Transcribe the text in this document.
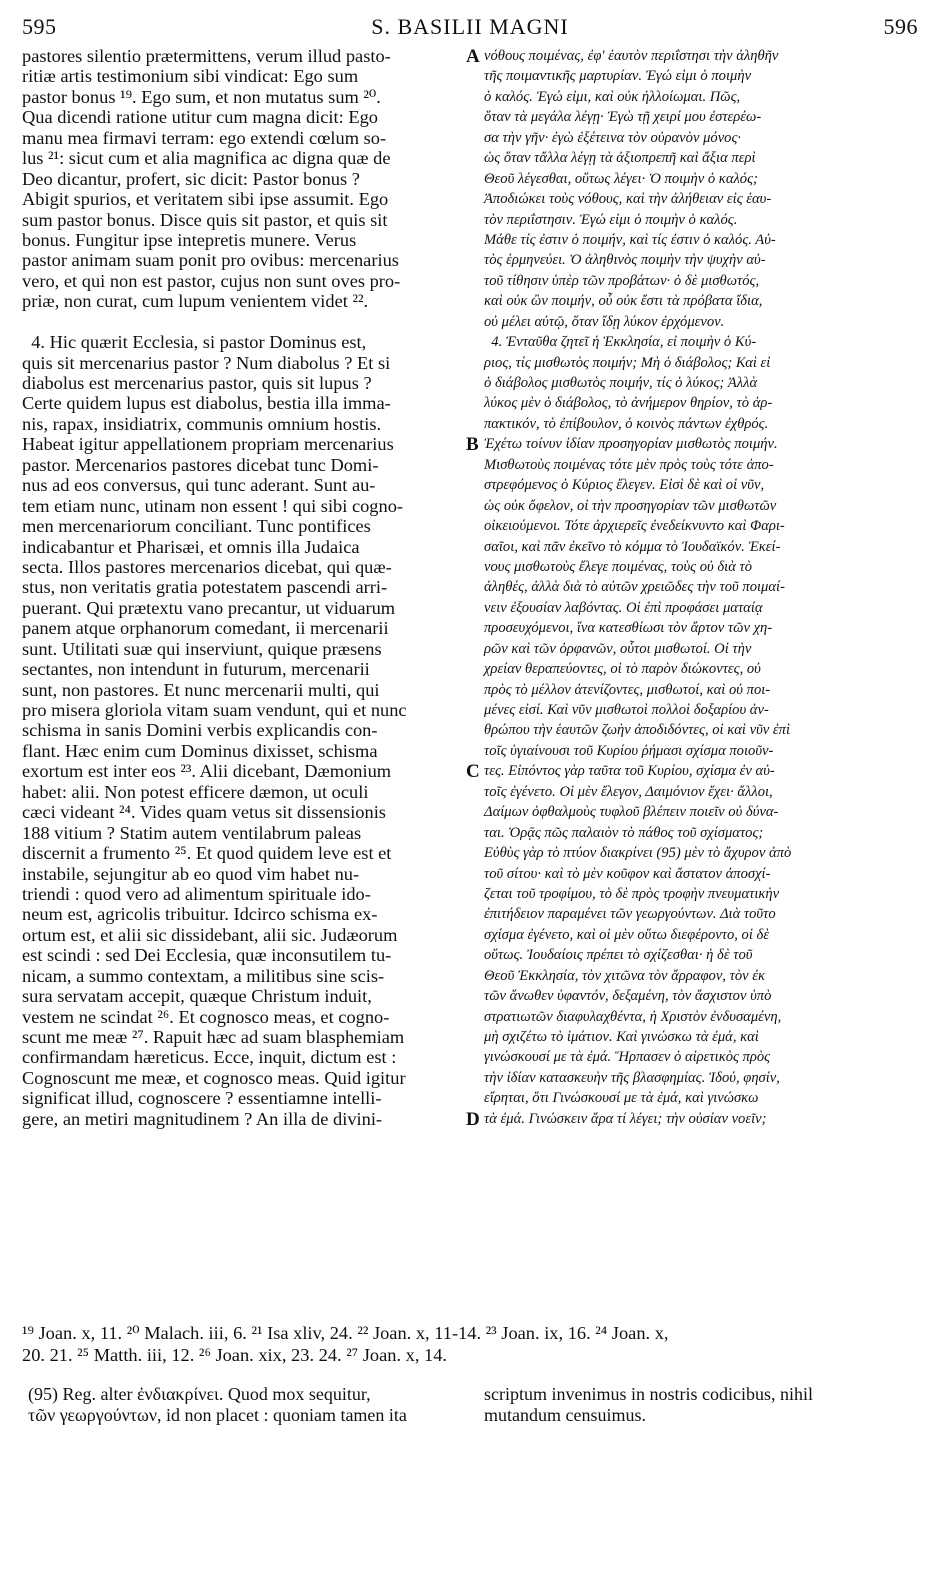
S. BASILII MAGNI
595	596
pastores silentio prætermittens, verum illud pasto-
ritiæ artis testimonium sibi vindicat: Ego sum
pastor bonus ¹⁹. Ego sum, et non mutatus sum ²⁰.
Qua dicendi ratione utitur cum magna dicit: Ego
manu mea firmavi terram: ego extendi cœlum so-
lus ²¹: sicut cum et alia magnifica ac digna quæ de
Deo dicantur, profert, sic dicit: Pastor bonus ?
Abigit spurios, et veritatem sibi ipse assumit. Ego
sum pastor bonus. Disce quis sit pastor, et quis sit
bonus. Fungitur ipse intepretis munere. Verus
pastor animam suam ponit pro ovibus: mercenarius
vero, et qui non est pastor, cujus non sunt oves pro-
priæ, non curat, cum lupum venientem videt ²².
4. Hic quærit Ecclesia, si pastor Dominus est,
quis sit mercenarius pastor ? Num diabolus ? Et si
diabolus est mercenarius pastor, quis sit lupus ?
Certe quidem lupus est diabolus, bestia illa imma-
nis, rapax, insidiatrix, communis omnium hostis.
Habeat igitur appellationem propriam mercenarius
pastor. Mercenarios pastores dicebat tunc Domi-
nus ad eos conversus, qui tunc aderant. Sunt au-
tem etiam nunc, utinam non essent ! qui sibi cogno-
men mercenariorum conciliant. Tunc pontifices
indicabantur et Pharisæi, et omnis illa Judaica
secta. Illos pastores mercenarios dicebat, qui quæ-
stus, non veritatis gratia potestatem pascendi arri-
puerant. Qui prætextu vano precantur, ut viduarum
panem atque orphanorum comedant, ii mercenarii
sunt. Utilitati suæ qui inserviunt, quique præsens
sectantes, non intendunt in futurum, mercenarii
sunt, non pastores. Et nunc mercenarii multi, qui
pro misera gloriola vitam suam vendunt, qui et nunc
schisma in sanis Domini verbis explicandis con-
flant. Hæc enim cum Dominus dixisset, schisma
exortum est inter eos ²³. Alii dicebant, Dæmonium
habet: alii. Non potest efficere dæmon, ut oculi
cæci videant ²⁴. Vides quam vetus sit dissensionis
188 vitium ? Statim autem ventilabrum paleas
discernit a frumento ²⁵. Et quod quidem leve est et
instabile, sejungitur ab eo quod vim habet nu-
triendi : quod vero ad alimentum spirituale ido-
neum est, agricolis tribuitur. Idcirco schisma ex-
ortum est, et alii sic dissidebant, alii sic. Judæorum
est scindi : sed Dei Ecclesia, quæ inconsutilem tu-
nicam, a summo contextam, a militibus sine scis-
sura servatam accepit, quæque Christum induit,
vestem ne scindat ²⁶. Et cognosco meas, et cogno-
scunt me meæ ²⁷. Rapuit hæc ad suam blasphemiam
confirmandam hæreticus. Ecce, inquit, dictum est :
Cognoscunt me meæ, et cognosco meas. Quid igitur
significat illud, cognoscere ? essentiamne intelli-
gere, an metiri magnitudinem ? An illa de divini-
νόθους ποιμένας, ἐφ' ἑαυτὸν περιΐστησι τὴν ἀληθῆν
τῆς ποιμαντικῆς μαρτυρίαν. Ἐγώ εἰμι ὁ ποιμὴν
ὁ καλός. Ἐγώ εἰμι, καὶ οὐκ ἠλλοίωμαι. Πῶς,
ὅταν τὰ μεγάλα λέγῃ· Ἐγὼ τῇ χειρί μου ἐστερέω-
σα τὴν γῆν· ἐγὼ ἐξέτεινα τὸν οὐρανὸν μόνος·
ὡς ὅταν τἄλλα λέγῃ τὰ ἀξιοπρεπῆ καὶ ἄξια περὶ
Θεοῦ λέγεσθαι, οὕτως λέγει· Ὁ ποιμὴν ὁ καλός;
Ἀποδιώκει τοὺς νόθους, καὶ τὴν ἀλήθειαν εἰς ἑαυ-
τὸν περιΐστησιν. Ἐγώ εἰμι ὁ ποιμὴν ὁ καλός.
Μάθε τίς ἐστιν ὁ ποιμήν, καὶ τίς ἐστιν ὁ καλός. Αὐ-
τὸς ἑρμηνεύει. Ὁ ἀληθινὸς ποιμὴν τὴν ψυχὴν αὐ-
τοῦ τίθησιν ὑπὲρ τῶν προβάτων· ὁ δὲ μισθωτός,
καὶ οὐκ ὢν ποιμήν, οὗ οὐκ ἔστι τὰ πρόβατα ἴδια,
οὐ μέλει αὐτῷ, ὅταν ἴδῃ λύκον ἐρχόμενον.
4. Ἐνταῦθα ζητεῖ ἡ Ἐκκλησία, εἰ ποιμὴν ὁ Κύ-
ριος, τίς μισθωτὸς ποιμήν; Μὴ ὁ διάβολος; Καὶ εἰ
ὁ διάβολος μισθωτὸς ποιμήν, τίς ὁ λύκος; Ἀλλὰ
λύκος μὲν ὁ διάβολος, τὸ ἀνήμερον θηρίον, τὸ ἀρ-
πακτικόν, τὸ ἐπίβουλον, ὁ κοινὸς πάντων ἐχθρός.
Ἐχέτω τοίνυν ἰδίαν προσηγορίαν μισθωτὸς ποιμήν.
Μισθωτοὺς ποιμένας τότε μὲν πρὸς τοὺς τότε ἀπο-
στρεφόμενος ὁ Κύριος ἔλεγεν. Εἰσὶ δὲ καὶ οἱ νῦν,
ὡς οὐκ ὄφελον, οἱ τὴν προσηγορίαν τῶν μισθωτῶν
οἰκειούμενοι. Τότε ἀρχιερεῖς ἐνεδείκνυντο καὶ Φαρι-
σαῖοι, καὶ πᾶν ἐκεῖνο τὸ κόμμα τὸ Ἰουδαϊκόν. Ἐκεί-
νους μισθωτοὺς ἔλεγε ποιμένας, τοὺς οὐ διὰ τὸ
ἀληθές, ἀλλὰ διὰ τὸ αὐτῶν χρειῶδες τὴν τοῦ ποιμαί-
νειν ἐξουσίαν λαβόντας. Οἱ ἐπὶ προφάσει ματαίᾳ
προσευχόμενοι, ἵνα κατεσθίωσι τὸν ἄρτον τῶν χη-
ρῶν καὶ τῶν ὀρφανῶν, οὗτοι μισθωτοί. Οἱ τὴν
χρείαν θεραπεύοντες, οἱ τὸ παρὸν διώκοντες, οὐ
πρὸς τὸ μέλλον ἀτενίζοντες, μισθωτοί, καὶ οὐ ποι-
μένες εἰσί. Καὶ νῦν μισθωτοὶ πολλοὶ δοξαρίου ἀν-
θρώπου τὴν ἑαυτῶν ζωὴν ἀποδιδόντες, οἱ καὶ νῦν ἐπὶ
τοῖς ὑγιαίνουσι τοῦ Κυρίου ῥήμασι σχίσμα ποιοῦν-
τες. Εἰπόντος γὰρ ταῦτα τοῦ Κυρίου, σχίσμα ἐν αὐ-
τοῖς ἐγένετο. Οἱ μὲν ἔλεγον, Δαιμόνιον ἔχει· ἄλλοι,
Δαίμων ὀφθαλμοὺς τυφλοῦ βλέπειν ποιεῖν οὐ δύνα-
ται. Ὁρᾷς πῶς παλαιὸν τὸ πάθος τοῦ σχίσματος;
Εὐθὺς γὰρ τὸ πτύον διακρίνει (95) μὲν τὸ ἄχυρον ἀπὸ
τοῦ σίτου· καὶ τὸ μὲν κοῦφον καὶ ἄστατον ἀποσχί-
ζεται τοῦ τροφίμου, τὸ δὲ πρὸς τροφὴν πνευματικὴν
ἐπιτήδειον παραμένει τῶν γεωργούντων. Διὰ τοῦτο
σχίσμα ἐγένετο, καὶ οἱ μὲν οὕτω διεφέροντο, οἱ δὲ
οὕτως. Ἰουδαίοις πρέπει τὸ σχίζεσθαι· ἡ δὲ τοῦ
Θεοῦ Ἐκκλησία, τὸν χιτῶνα τὸν ἄρραφον, τὸν ἐκ
τῶν ἄνωθεν ὑφαντόν, δεξαμένη, τὸν ἄσχιστον ὑπὸ
στρατιωτῶν διαφυλαχθέντα, ἡ Χριστὸν ἐνδυσαμένη,
μὴ σχιζέτω τὸ ἱμάτιον. Καὶ γινώσκω τὰ ἐμά, καὶ
γινώσκουσί με τὰ ἐμά. Ἥρπασεν ὁ αἱρετικὸς πρὸς
τὴν ἰδίαν κατασκευὴν τῆς βλασφημίας. Ἰδού, φησίν,
εἴρηται, ὅτι Γινώσκουσί με τὰ ἐμά, καὶ γινώσκω
τὰ ἐμά. Γινώσκειν ἄρα τί λέγει; τὴν οὐσίαν νοεῖν;
A
B
C
D
¹⁹ Joan. x, 11. ²⁰ Malach. iii, 6. ²¹ Isa xliv, 24. ²² Joan. x, 11-14. ²³ Joan. ix, 16. ²⁴ Joan. x,
20. 21. ²⁵ Matth. iii, 12. ²⁶ Joan. xix, 23. 24. ²⁷ Joan. x, 14.
(95) Reg. alter ἐνδιακρίνει. Quod mox sequitur,
τῶν γεωργούντων, id non placet : quoniam tamen ita
scriptum invenimus in nostris codicibus, nihil
mutandum censuimus.
